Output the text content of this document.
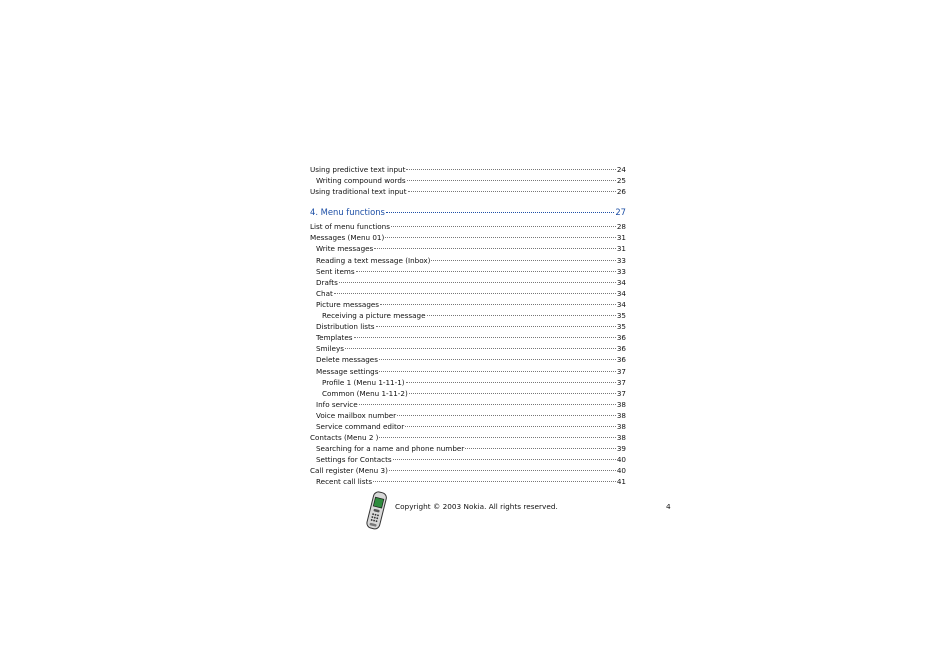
Using predictive text input	24
Writing compound words	25
Using traditional text input	26
4. Menu functions	27
List of menu functions	28
Messages (Menu 01)	31
Write messages	31
Reading a text message (Inbox)	33
Sent items	33
Drafts	34
Chat	34
Picture messages	34
Receiving a picture message	35
Distribution lists	35
Templates	36
Smileys	36
Delete messages	36
Message settings	37
Profile 1 (Menu 1-11-1)	37
Common (Menu 1-11-2)	37
Info service	38
Voice mailbox number	38
Service command editor	38
Contacts (Menu 2 )	38
Searching for a name and phone number	39
Settings for Contacts	40
Call register (Menu 3)	40
Recent call lists	41
Copyright © 2003 Nokia. All rights reserved.	4
